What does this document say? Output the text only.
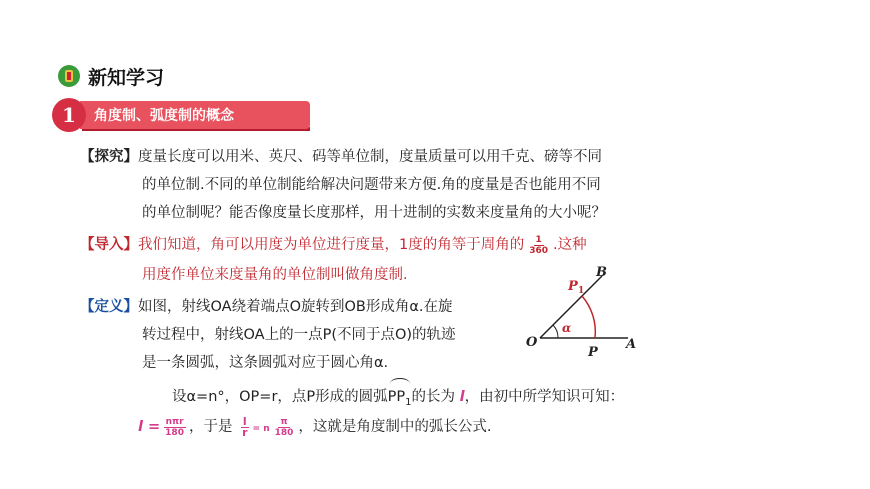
新知学习
角度制、弧度制的概念
1
【探究】度量长度可以用米、英尺、码等单位制，度量质量可以用千克、磅等不同
的单位制.不同的单位制能给解决问题带来方便.角的度量是否也能用不同
的单位制呢？能否像度量长度那样，用十进制的实数来度量角的大小呢？
【导入】我们知道，角可以用度为单位进行度量，1度的角等于周角的 $\frac{1}{360}$ .这种
用度作单位来度量角的单位制叫做角度制.
【定义】如图，射线OA绕着端点O旋转到OB形成角α.在旋
转过程中，射线OA上的一点P(不同于点O)的轨迹
是一条圆弧，这条圆弧对应于圆心角α.
设α=n°，OP=r，点P形成的圆弧$PP_1$的长为 l，由初中所学知识可知：
$l = \frac{\text{nπr}}{180}$ ，于是 $\frac{l}{r} = n \frac{\pi}{180}$ ，这就是角度制中的弧长公式.
O	A
B
P
P 1
α
